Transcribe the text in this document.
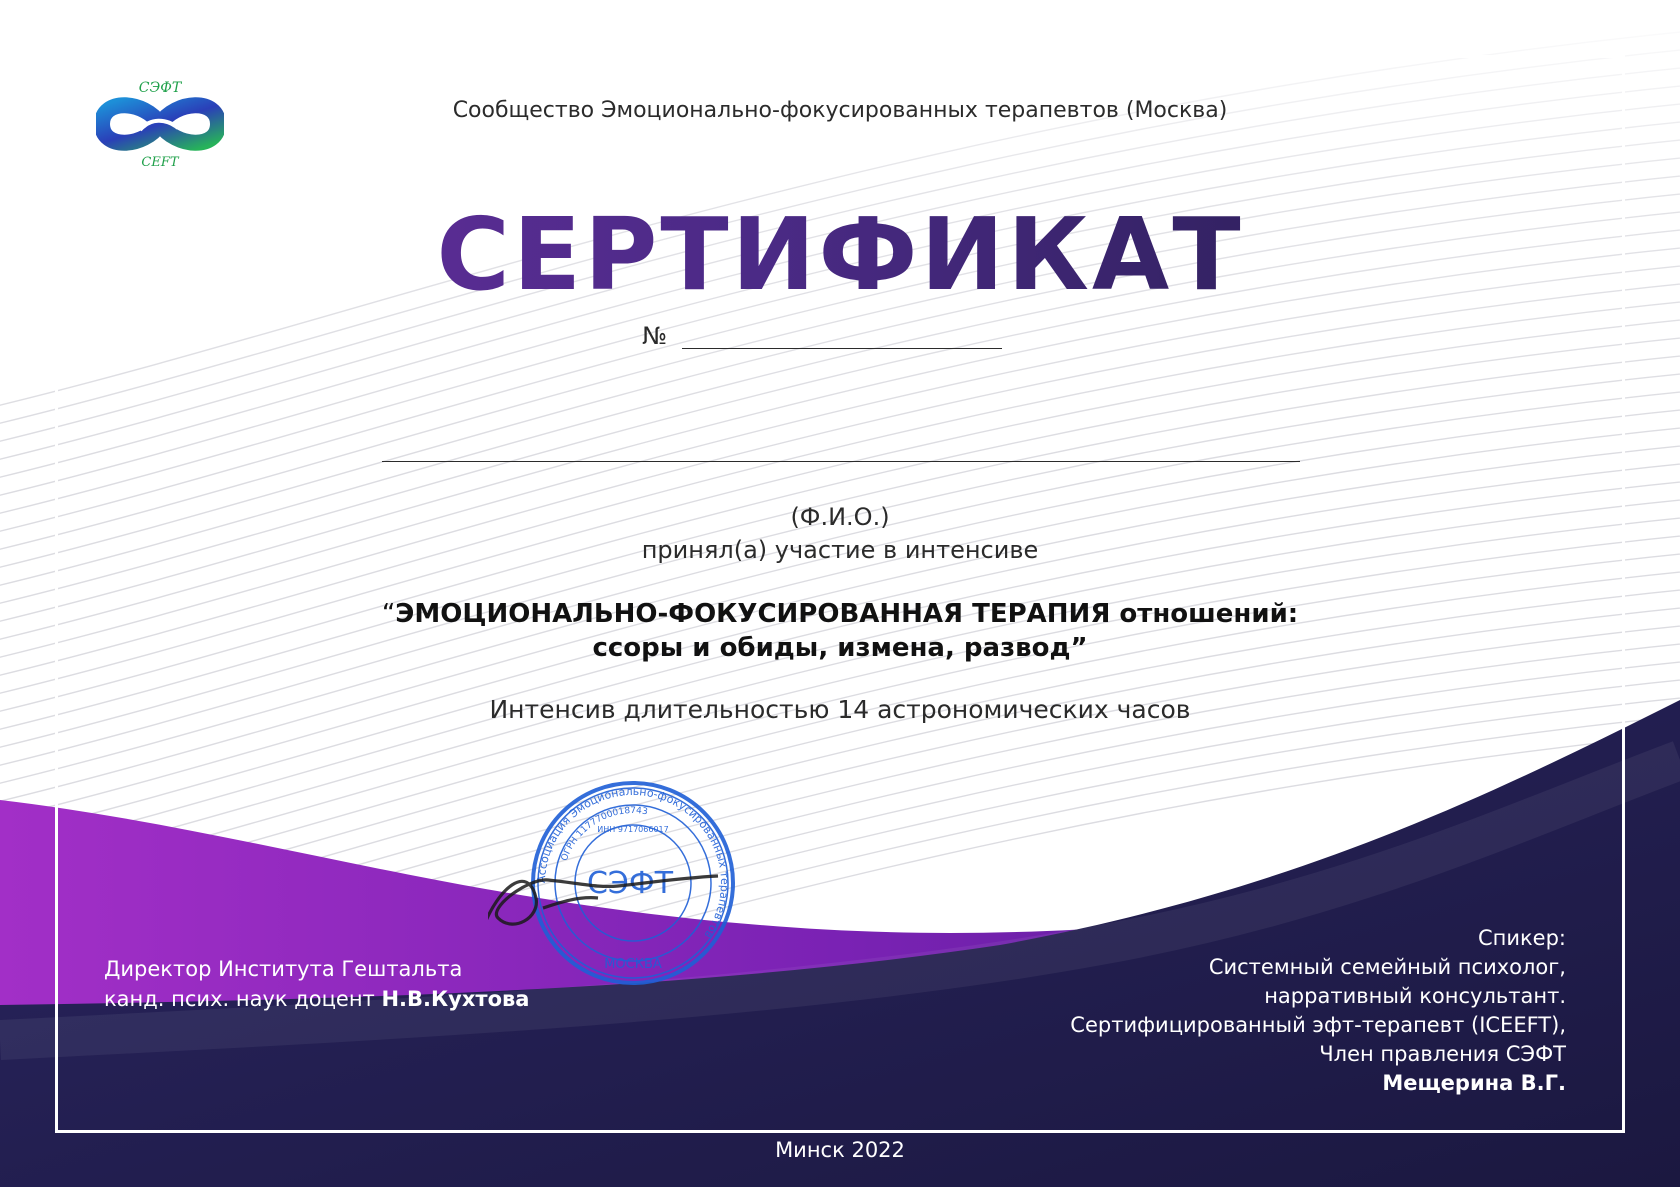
СЭФТ
CEFT
Сообщество Эмоционально-фокусированных терапевтов (Москва)
СЕРТИФИКАТ
№
(Ф.И.О.)
принял(а) участие в интенсиве
“ЭМОЦИОНАЛЬНО-ФОКУСИРОВАННАЯ ТЕРАПИЯ отношений:
ссоры и обиды, измена, развод”
Интенсив длительностью 14 астрономических часов
Ассоциация Эмоционально-фокусированных терапевтов
ОГРН 1177700018743
ИНН 9717066017
СЭФТ
МОСКВА
Директор Института Гештальта
канд. псих. наук доцент Н.В.Кухтова
Спикер:
Системный семейный психолог,
нарративный консультант.
Сертифицированный эфт-терапевт (ICEEFT),
Член правления СЭФТ
Мещерина В.Г.
Минск 2022
